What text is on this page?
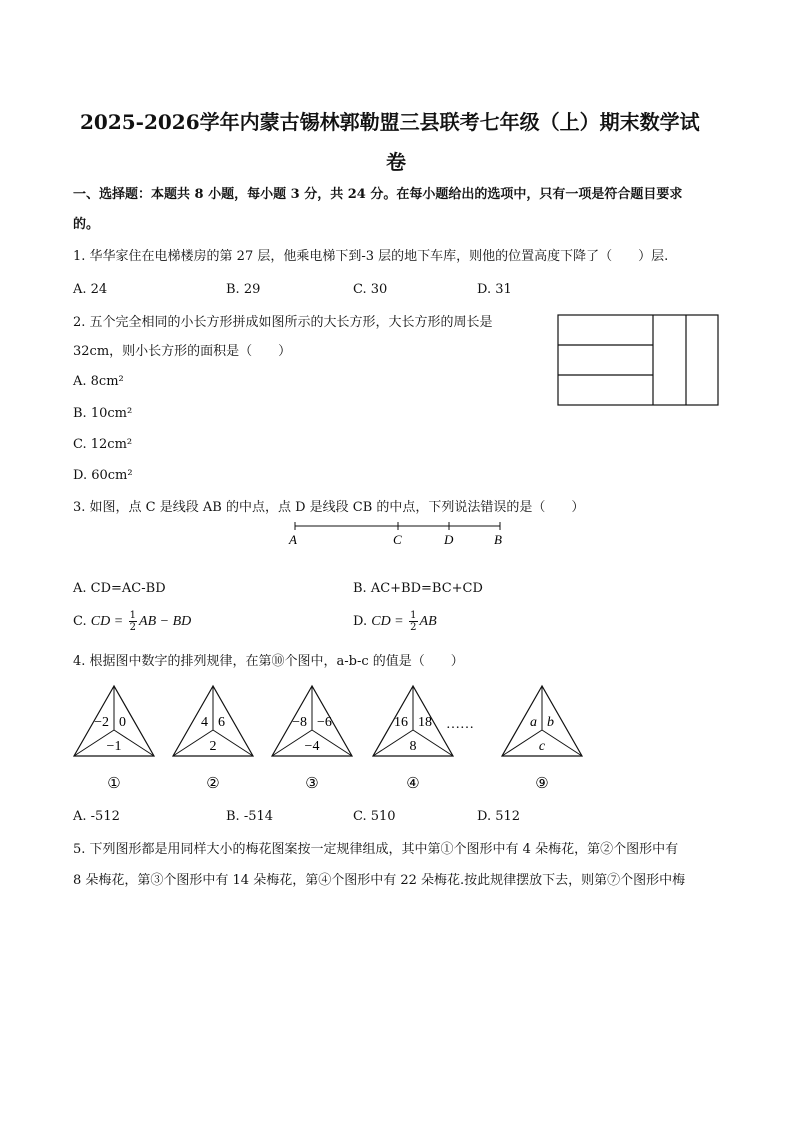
2025-2026学年内蒙古锡林郭勒盟三县联考七年级（上）期末数学试
卷
一、选择题：本题共 8 小题，每小题 3 分，共 24 分。在每小题给出的选项中，只有一项是符合题目要求
的。
1. 华华家住在电梯楼房的第 27 层，他乘电梯下到-3 层的地下车库，则他的位置高度下降了（　　）层.
A. 24	B. 29	C. 30	D. 31
2. 五个完全相同的小长方形拼成如图所示的大长方形，大长方形的周长是
32cm，则小长方形的面积是（　　）
A. 8cm²
B. 10cm²
C. 12cm²
D. 60cm²
3. 如图，点 C 是线段 AB 的中点，点 D 是线段 CB 的中点，下列说法错误的是（　　）
A	C	D	B
A. CD=AC-BD	B. AC+BD=BC+CD
C. CD = $\frac{1}{2}$ AB − BD	D. CD = $\frac{1}{2}$ AB
4. 根据图中数字的排列规律，在第⑩个图中，a-b-c 的值是（　　）
−2 0
−1
①
4 6
2
②
−8 −6
−4
③
16 18
8
④
a b
c
⑨
……
A. -512	B. -514	C. 510	D. 512
5. 下列图形都是用同样大小的梅花图案按一定规律组成，其中第①个图形中有 4 朵梅花，第②个图形中有
8 朵梅花，第③个图形中有 14 朵梅花，第④个图形中有 22 朵梅花.按此规律摆放下去，则第⑦个图形中梅
